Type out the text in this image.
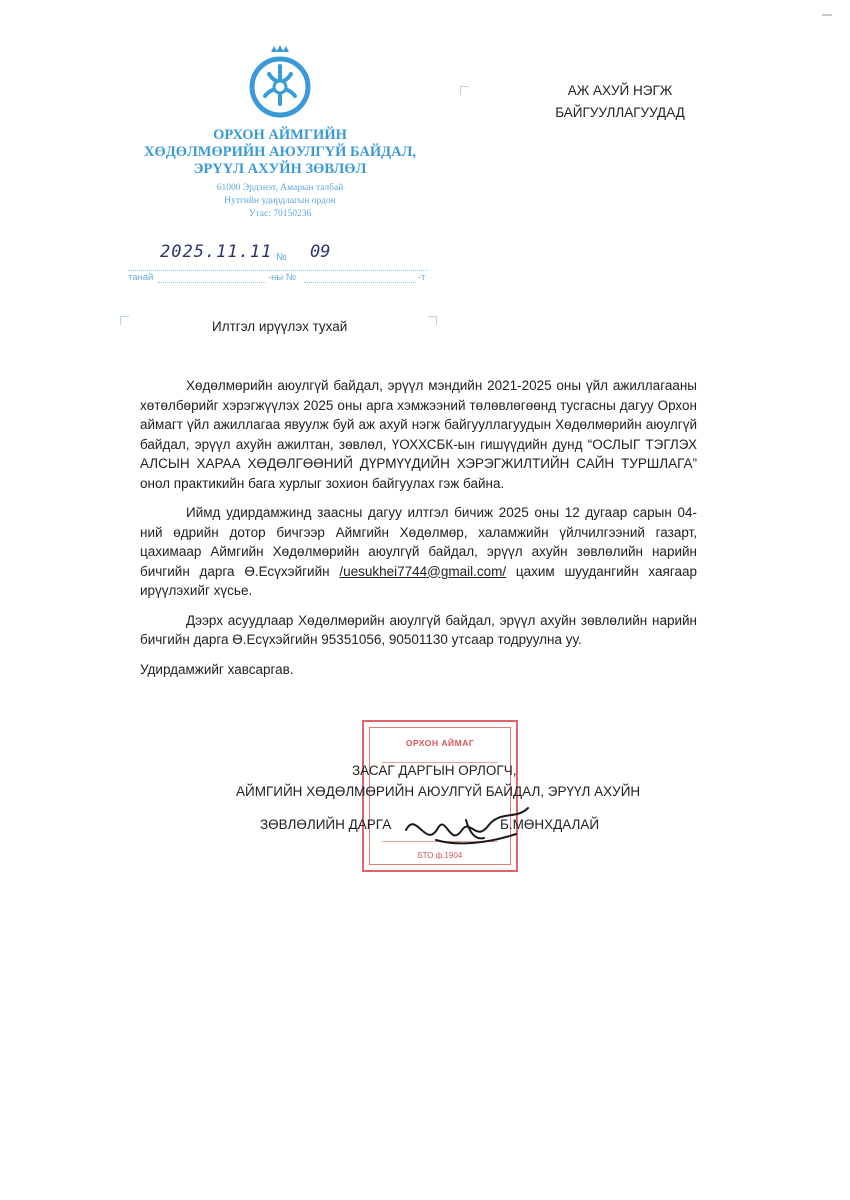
ОРХОН АЙМГИЙН
ХӨДӨЛМӨРИЙН АЮУЛГҮЙ БАЙДАЛ,
ЭРҮҮЛ АХУЙН ЗӨВЛӨЛ
61000 Эрдэнэт, Амарын талбай
Нутгийн удирдлагын ордон
Утас: 70150236
АЖ АХУЙ НЭГЖ
БАЙГУУЛЛАГУУДАД
2025.11.11 № 09
танай	-ны №	-т
Илтгэл ирүүлэх тухай

Хөдөлмөрийн аюулгүй байдал, эрүүл мэндийн 2021-2025 оны үйл ажиллагааны хөтөлбөрийг хэрэгжүүлэх 2025 оны арга хэмжээний төлөвлөгөөнд тусгасны дагуу Орхон аймагт үйл ажиллагаа явуулж буй аж ахуй нэгж байгууллагуудын Хөдөлмөрийн аюулгүй байдал, эрүүл ахуйн ажилтан, зөвлөл, ҮОХХСБК-ын гишүүдийн дунд “ОСЛЫГ ТЭГЛЭХ АЛСЫН ХАРАА ХӨДӨЛГӨӨНИЙ ДҮРМҮҮДИЙН ХЭРЭГЖИЛТИЙН САЙН ТУРШЛАГА” онол практикийн бага хурлыг зохион байгуулах гэж байна.

Иймд удирдамжинд заасны дагуу илтгэл бичиж 2025 оны 12 дугаар сарын 04-ний өдрийн дотор бичгээр Аймгийн Хөдөлмөр, халамжийн үйлчилгээний газарт, цахимаар Аймгийн Хөдөлмөрийн аюулгүй байдал, эрүүл ахуйн зөвлөлийн нарийн бичгийн дарга Ө.Есүхэйгийн /uesukhei7744@gmail.com/ цахим шуудангийн хаягаар ирүүлэхийг хүсье.

Дээрх асуудлаар Хөдөлмөрийн аюулгүй байдал, эрүүл ахуйн зөвлөлийн нарийн бичгийн дарга Ө.Есүхэйгийн 95351056, 90501130 утсаар тодруулна уу.

Удирдамжийг хавсаргав.

ОРХОН АЙМАГ
БТО ф.1904
ЗАСАГ ДАРГЫН ОРЛОГЧ,
АЙМГИЙН ХӨДӨЛМӨРИЙН АЮУЛГҮЙ БАЙДАЛ, ЭРҮҮЛ АХУЙН
ЗӨВЛӨЛИЙН ДАРГА	Б.МӨНХДАЛАЙ
